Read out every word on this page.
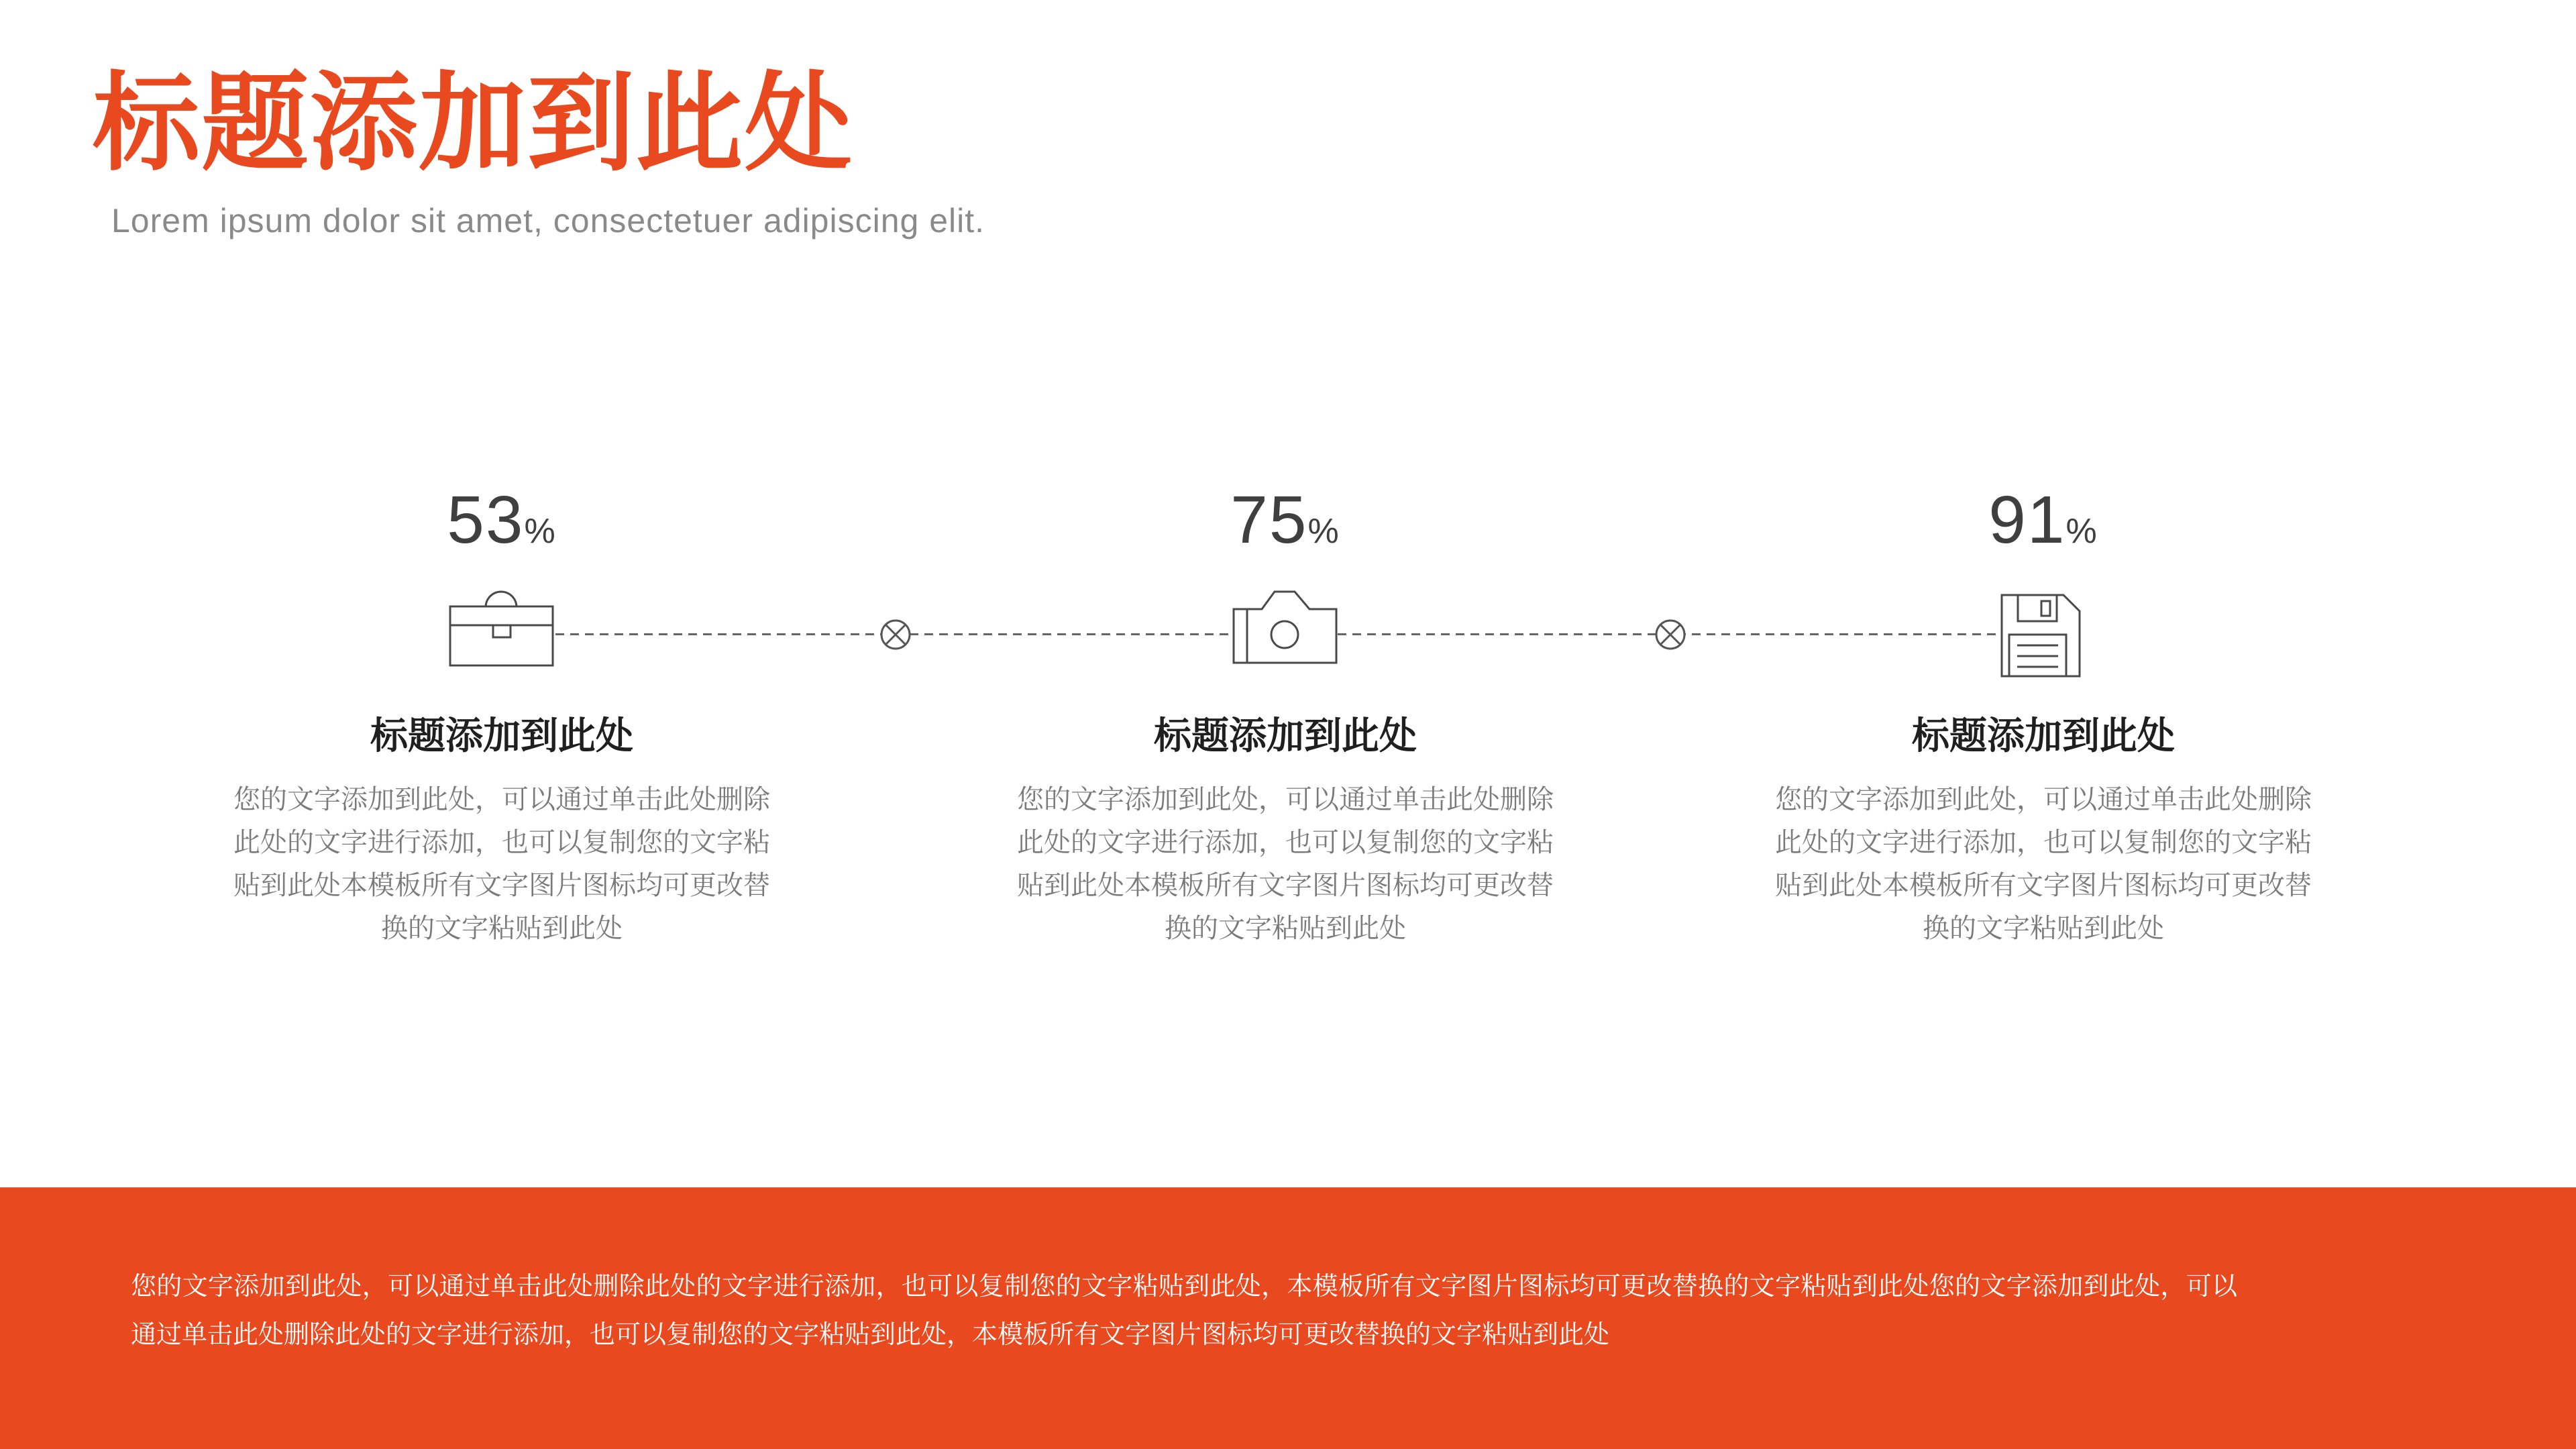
标题添加到此处
Lorem ipsum dolor sit amet, consectetuer adipiscing elit.
53%
标题添加到此处
您的文字添加到此处，可以通过单击此处删除此处的文字进行添加，也可以复制您的文字粘贴到此处本模板所有文字图片图标均可更改替换的文字粘贴到此处
75%
标题添加到此处
您的文字添加到此处，可以通过单击此处删除此处的文字进行添加，也可以复制您的文字粘贴到此处本模板所有文字图片图标均可更改替换的文字粘贴到此处
91%
标题添加到此处
您的文字添加到此处，可以通过单击此处删除此处的文字进行添加，也可以复制您的文字粘贴到此处本模板所有文字图片图标均可更改替换的文字粘贴到此处
您的文字添加到此处，可以通过单击此处删除此处的文字进行添加，也可以复制您的文字粘贴到此处，本模板所有文字图片图标均可更改替换的文字粘贴到此处您的文字添加到此处，可以通过单击此处删除此处的文字进行添加，也可以复制您的文字粘贴到此处，本模板所有文字图片图标均可更改替换的文字粘贴到此处
